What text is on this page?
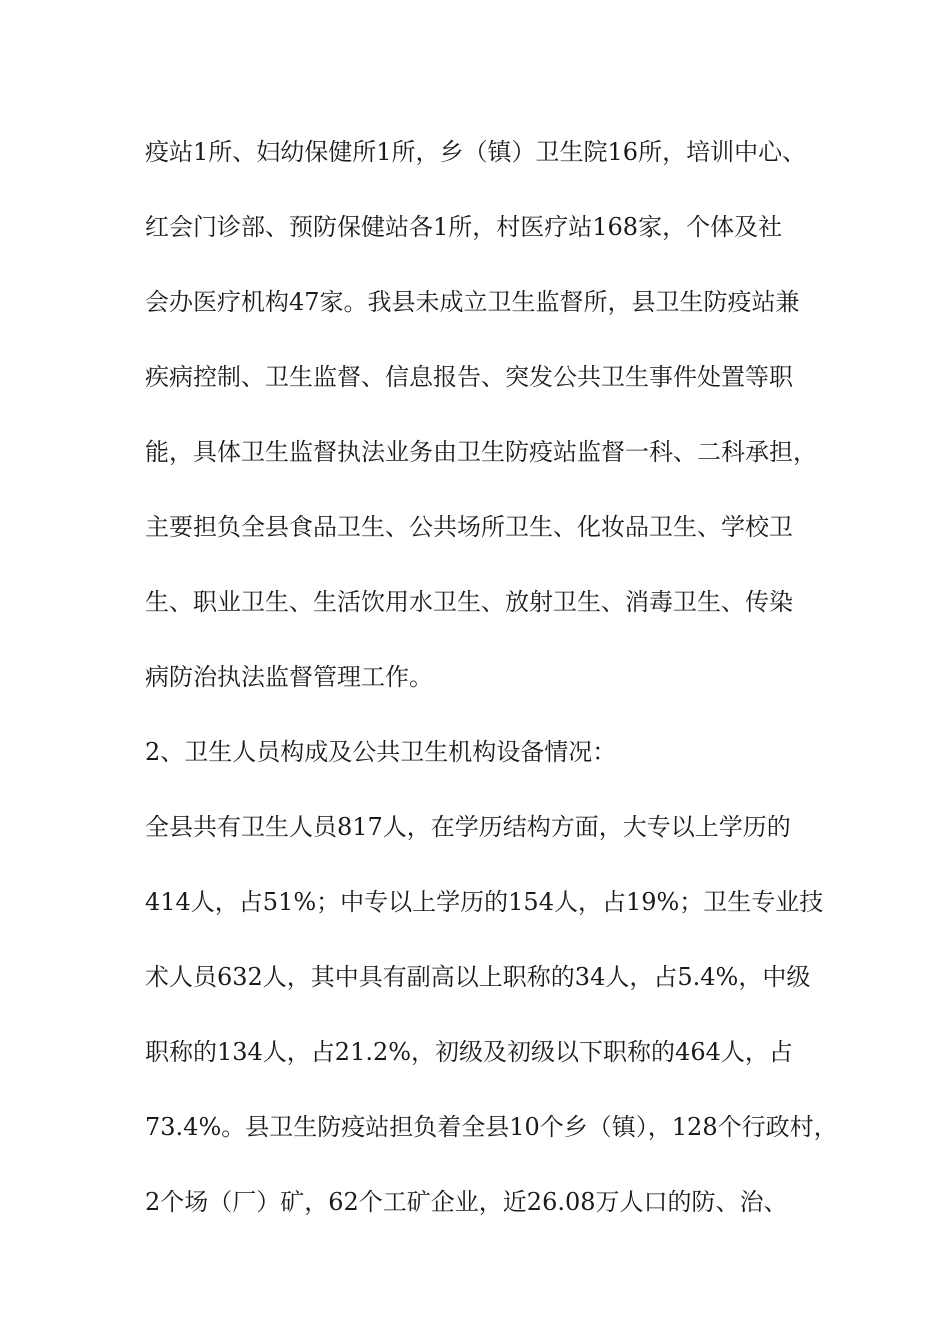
疫站1所、妇幼保健所1所，乡（镇）卫生院16所，培训中心、
红会门诊部、预防保健站各1所，村医疗站168家，个体及社
会办医疗机构47家。我县未成立卫生监督所，县卫生防疫站兼
疾病控制、卫生监督、信息报告、突发公共卫生事件处置等职
能，具体卫生监督执法业务由卫生防疫站监督一科、二科承担，
主要担负全县食品卫生、公共场所卫生、化妆品卫生、学校卫
生、职业卫生、生活饮用水卫生、放射卫生、消毒卫生、传染
病防治执法监督管理工作。
2、卫生人员构成及公共卫生机构设备情况：
全县共有卫生人员817人，在学历结构方面，大专以上学历的
414人，占51%；中专以上学历的154人，占19%；卫生专业技
术人员632人，其中具有副高以上职称的34人，占5.4%，中级
职称的134人，占21.2%，初级及初级以下职称的464人，占
73.4%。县卫生防疫站担负着全县10个乡（镇），128个行政村，
2个场（厂）矿，62个工矿企业，近26.08万人口的防、治、
